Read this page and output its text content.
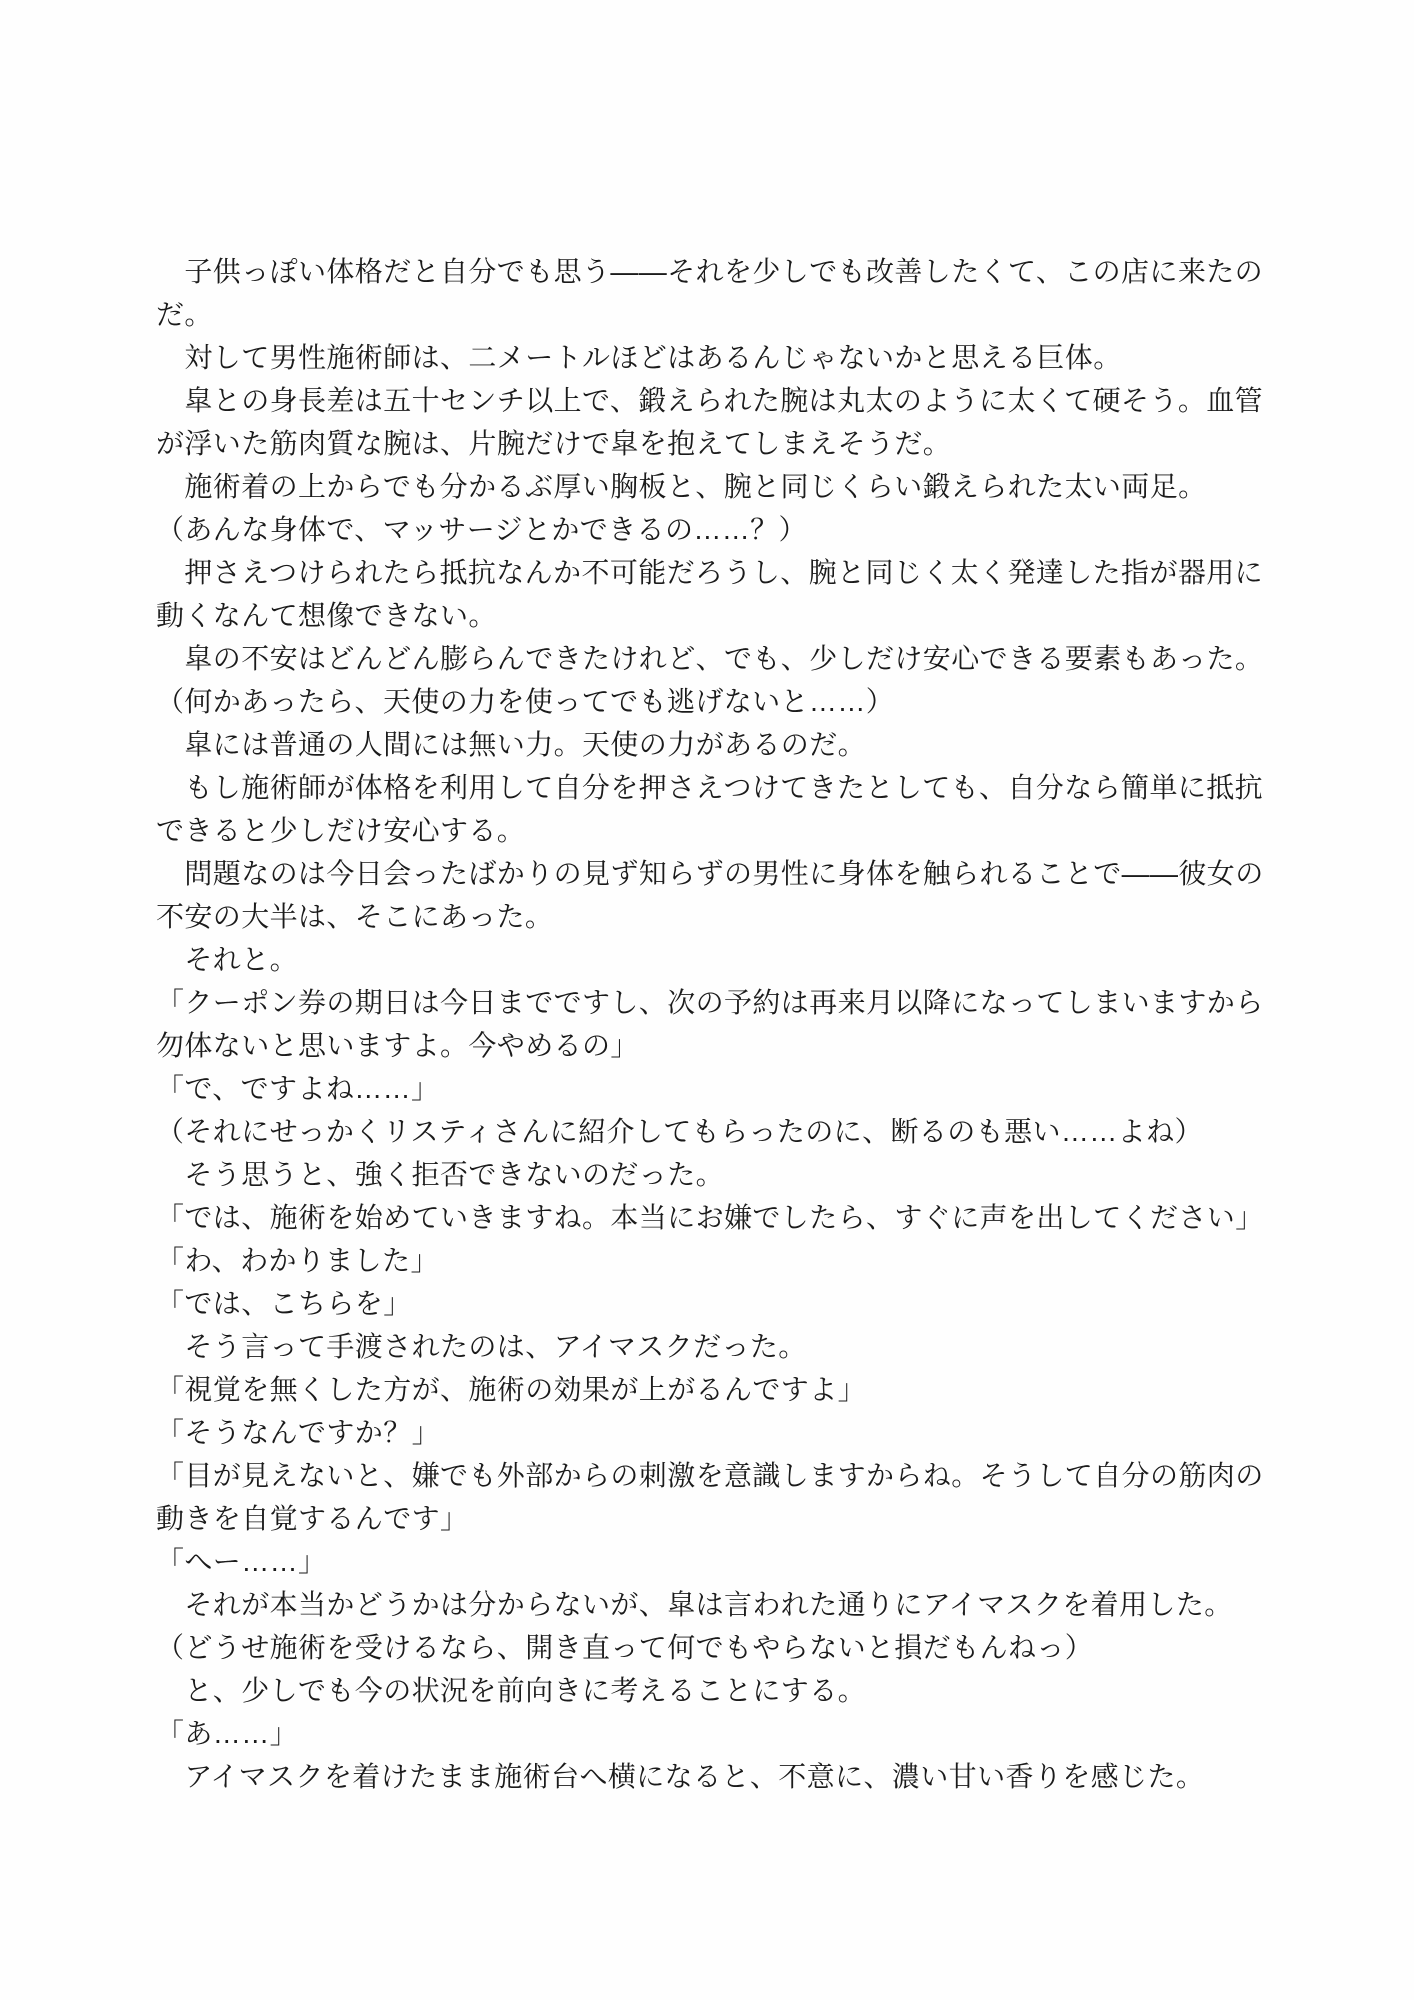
　子供っぽい体格だと自分でも思う——それを少しでも改善したくて、この店に来たの
だ。
　対して男性施術師は、二メートルほどはあるんじゃないかと思える巨体。
　皐との身長差は五十センチ以上で、鍛えられた腕は丸太のように太くて硬そう。血管
が浮いた筋肉質な腕は、片腕だけで皐を抱えてしまえそうだ。
　施術着の上からでも分かるぶ厚い胸板と、腕と同じくらい鍛えられた太い両足。
（あんな身体で、マッサージとかできるの……？）
　押さえつけられたら抵抗なんか不可能だろうし、腕と同じく太く発達した指が器用に
動くなんて想像できない。
　皐の不安はどんどん膨らんできたけれど、でも、少しだけ安心できる要素もあった。
（何かあったら、天使の力を使ってでも逃げないと……）
　皐には普通の人間には無い力。天使の力があるのだ。
　もし施術師が体格を利用して自分を押さえつけてきたとしても、自分なら簡単に抵抗
できると少しだけ安心する。
　問題なのは今日会ったばかりの見ず知らずの男性に身体を触られることで——彼女の
不安の大半は、そこにあった。
　それと。
「クーポン券の期日は今日までですし、次の予約は再来月以降になってしまいますから
勿体ないと思いますよ。今やめるの」
「で、ですよね……」
（それにせっかくリスティさんに紹介してもらったのに、断るのも悪い……よね）
　そう思うと、強く拒否できないのだった。
「では、施術を始めていきますね。本当にお嫌でしたら、すぐに声を出してください」
「わ、わかりました」
「では、こちらを」
　そう言って手渡されたのは、アイマスクだった。
「視覚を無くした方が、施術の効果が上がるんですよ」
「そうなんですか？」
「目が見えないと、嫌でも外部からの刺激を意識しますからね。そうして自分の筋肉の
動きを自覚するんです」
「へー……」
　それが本当かどうかは分からないが、皐は言われた通りにアイマスクを着用した。
（どうせ施術を受けるなら、開き直って何でもやらないと損だもんねっ）
　と、少しでも今の状況を前向きに考えることにする。
「あ……」
　アイマスクを着けたまま施術台へ横になると、不意に、濃い甘い香りを感じた。
